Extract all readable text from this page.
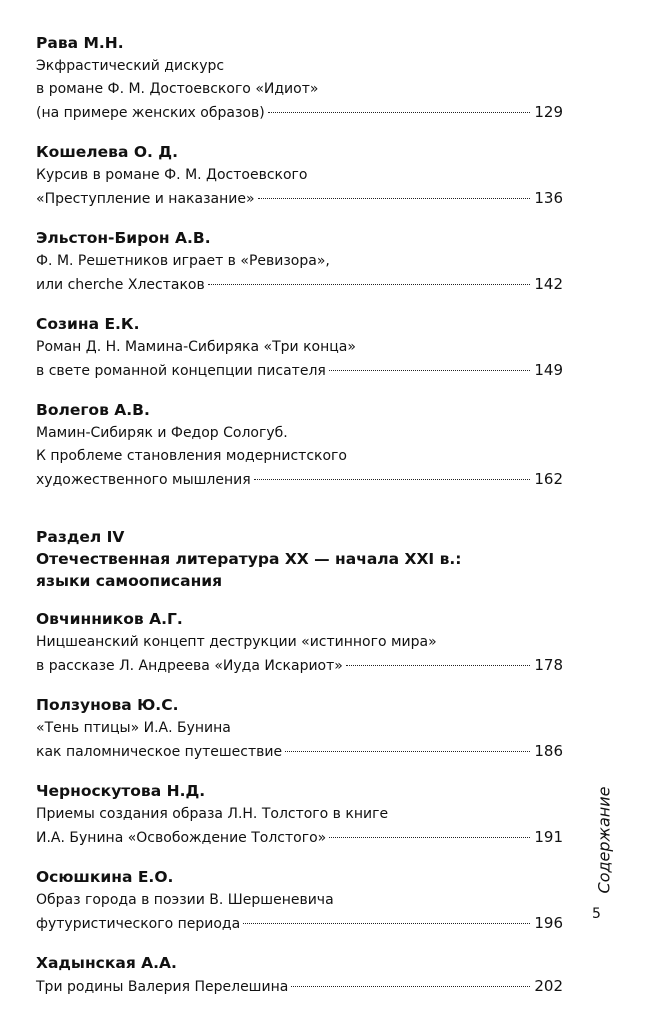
Рава М.Н.
Экфрастический дискурс
в романе Ф. М. Достоевского «Идиот»
(на примере женских образов)	129
Кошелева О. Д.
Курсив в романе Ф. М. Достоевского
«Преступление и наказание»	136
Эльстон-Бирон А.В.
Ф. М. Решетников играет в «Ревизора»,
или cherche Хлестаков	142
Созина Е.К.
Роман Д. Н. Мамина-Сибиряка «Три конца»
в свете романной концепции писателя	149
Волегов А.В.
Мамин-Сибиряк и Федор Сологуб.
К проблеме становления модернистского
художественного мышления	162
Раздел IV
Отечественная литература XX — начала XXI в.:
языки самоописания
Овчинников А.Г.
Ницшеанский концепт деструкции «истинного мира»
в рассказе Л. Андреева «Иуда Искариот»	178
Ползунова Ю.С.
«Тень птицы» И.А. Бунина
как паломническое путешествие	186
Черноскутова Н.Д.
Приемы создания образа Л.Н. Толстого в книге
И.А. Бунина «Освобождение Толстого»	191
Осюшкина Е.О.
Образ города в поэзии В. Шершеневича
футуристического периода	196
Хадынская А.А.
Три родины Валерия Перелешина	202
Содержание
5
